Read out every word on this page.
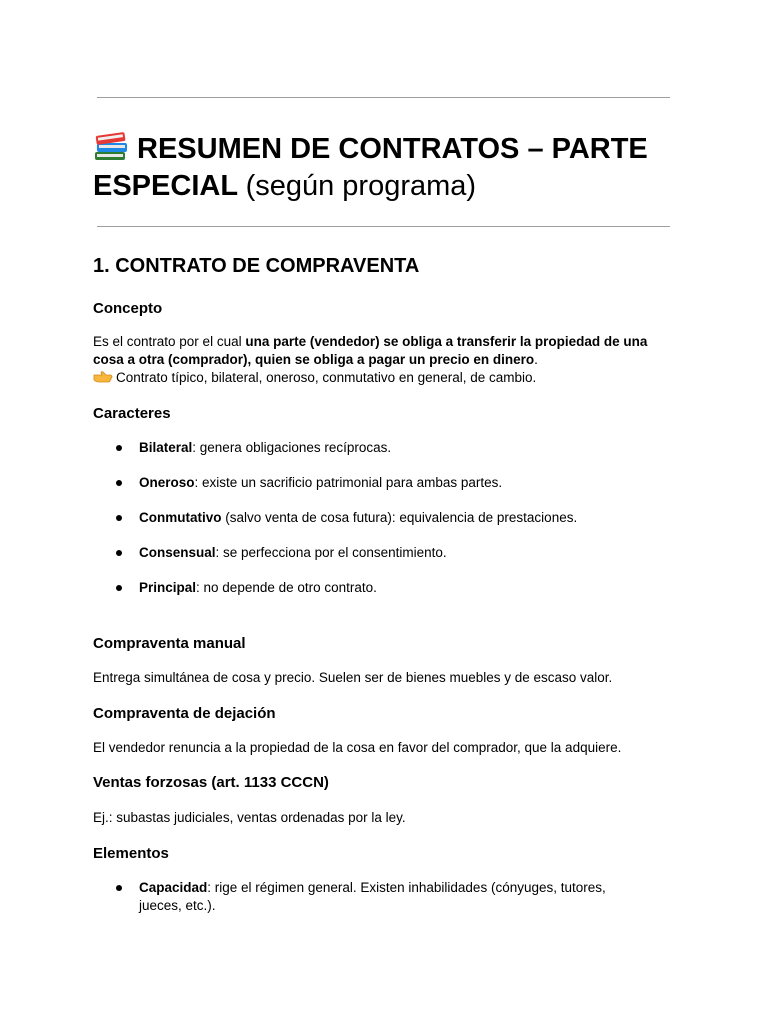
RESUMEN DE CONTRATOS – PARTE ESPECIAL (según programa)
1. CONTRATO DE COMPRAVENTA
Concepto

Es el contrato por el cual una parte (vendedor) se obliga a transferir la propiedad de una cosa a otra (comprador), quien se obliga a pagar un precio en dinero.
Contrato típico, bilateral, oneroso, conmutativo en general, de cambio.

Caracteres
Bilateral: genera obligaciones recíprocas.
Oneroso: existe un sacrificio patrimonial para ambas partes.
Conmutativo (salvo venta de cosa futura): equivalencia de prestaciones.
Consensual: se perfecciona por el consentimiento.
Principal: no depende de otro contrato.
Compraventa manual

Entrega simultánea de cosa y precio. Suelen ser de bienes muebles y de escaso valor.

Compraventa de dejación

El vendedor renuncia a la propiedad de la cosa en favor del comprador, que la adquiere.

Ventas forzosas (art. 1133 CCCN)

Ej.: subastas judiciales, ventas ordenadas por la ley.

Elementos
Capacidad: rige el régimen general. Existen inhabilidades (cónyuges, tutores, jueces, etc.).
